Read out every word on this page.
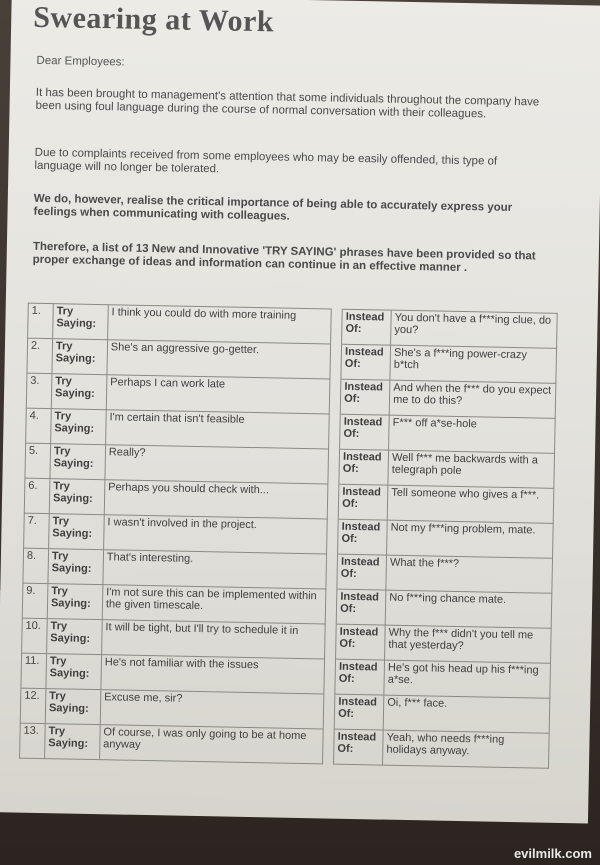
Swearing at Work
Dear Employees:
It has been brought to management's attention that some individuals throughout the company have been using foul language during the course of normal conversation with their colleagues.
Due to complaints received from some employees who may be easily offended, this type of language will no longer be tolerated.
We do, however, realise the critical importance of being able to accurately express your feelings when communicating with colleagues.
Therefore, a list of 13 New and Innovative 'TRY SAYING' phrases have been provided so that proper exchange of ideas and information can continue in an effective manner .
1.	Try Saying:	I think you could do with more training		Instead Of:	You don't have a f***ing clue, do you?
2.	Try Saying:	She's an aggressive go-getter.		Instead Of:	She's a f***ing power-crazy b*tch
3.	Try Saying:	Perhaps I can work late		Instead Of:	And when the f*** do you expect me to do this?
4.	Try Saying:	I'm certain that isn't feasible		Instead Of:	F*** off a*se-hole
5.	Try Saying:	Really?		Instead Of:	Well f*** me backwards with a telegraph pole
6.	Try Saying:	Perhaps you should check with...		Instead Of:	Tell someone who gives a f***.
7.	Try Saying:	I wasn't involved in the project.		Instead Of:	Not my f***ing problem, mate.
8.	Try Saying:	That's interesting.		Instead Of:	What the f***?
9.	Try Saying:	I'm not sure this can be implemented within the given timescale.		Instead Of:	No f***ing chance mate.
10.	Try Saying:	It will be tight, but I'll try to schedule it in		Instead Of:	Why the f*** didn't you tell me that yesterday?
11.	Try Saying:	He's not familiar with the issues		Instead Of:	He's got his head up his f***ing a*se.
12.	Try Saying:	Excuse me, sir?		Instead Of:	Oi, f*** face.
13.	Try Saying:	Of course, I was only going to be at home anyway		Instead Of:	Yeah, who needs f***ing holidays anyway.
evilmilk.com
